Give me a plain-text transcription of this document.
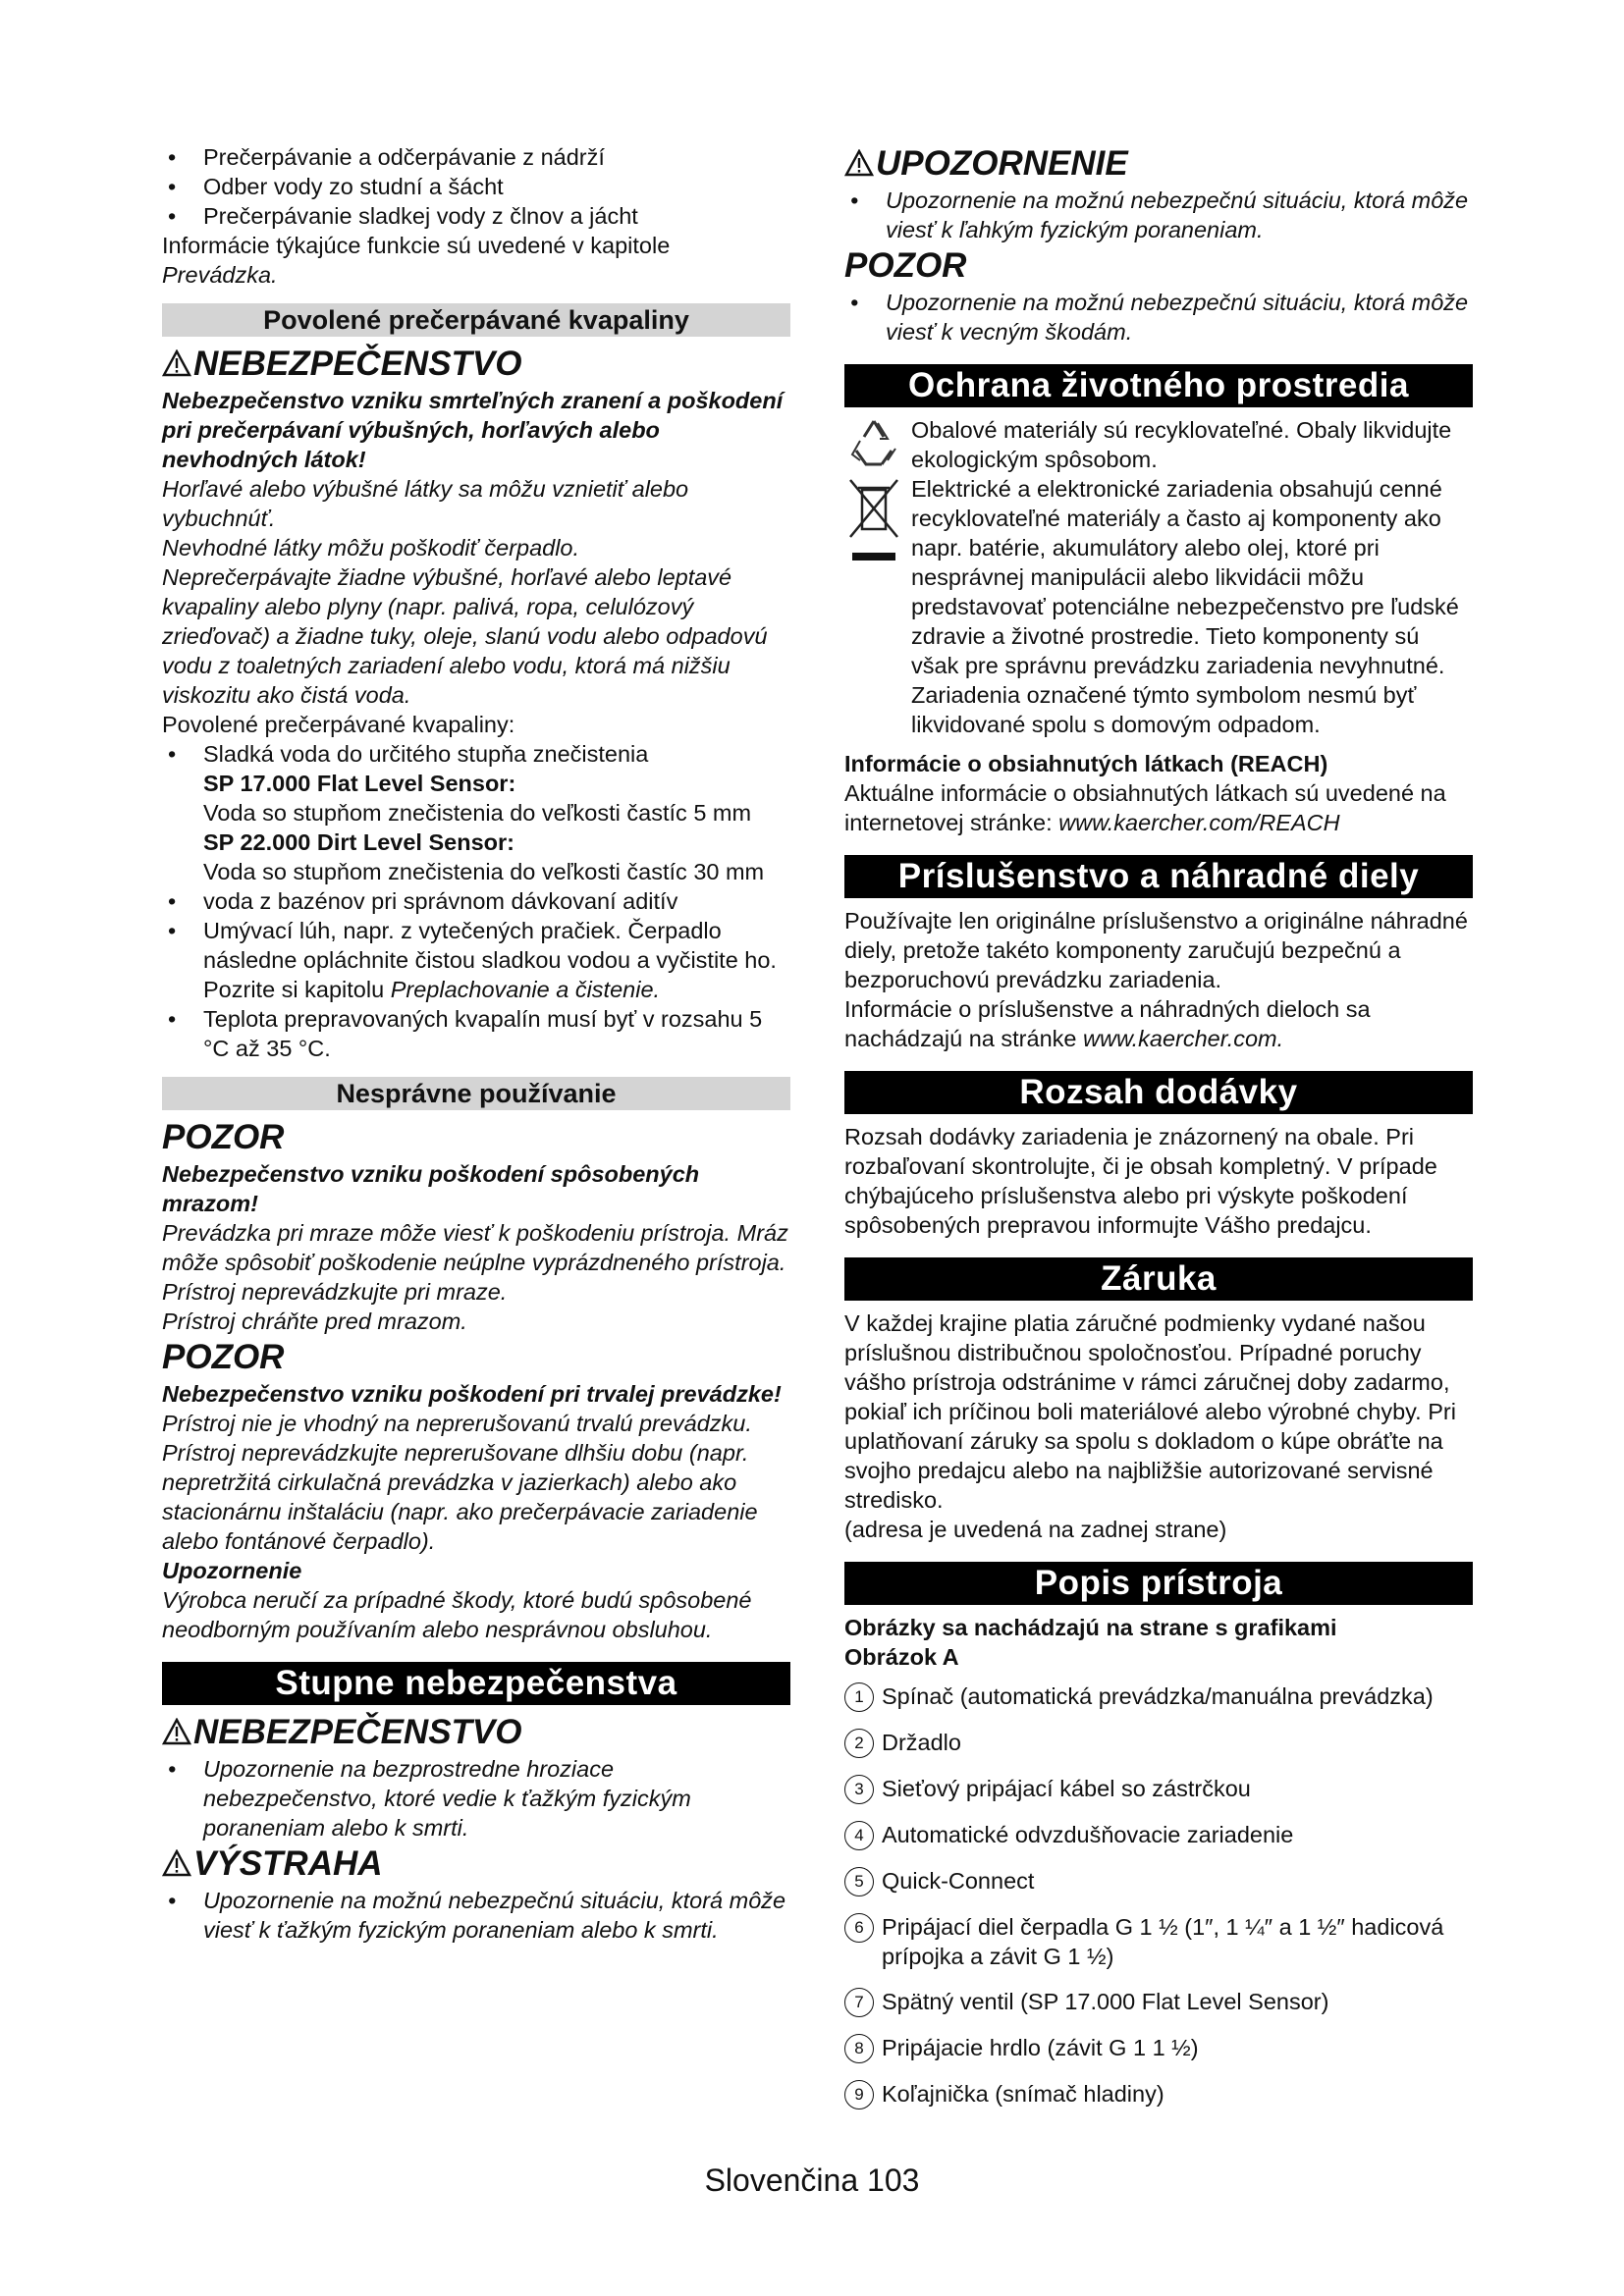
• Prečerpávanie a odčerpávanie z nádrží
• Odber vody zo studní a šácht
• Prečerpávanie sladkej vody z člnov a jácht

Informácie týkajúce funkcie sú uvedené v kapitole Prevádzka.

Povolené prečerpávané kvapaliny
NEBEZPEČENSTVO

Nebezpečenstvo vzniku smrteľných zranení a poškodení pri prečerpávaní výbušných, horľavých alebo nevhodných látok!

Horľavé alebo výbušné látky sa môžu vznietiť alebo vybuchnúť.

Nevhodné látky môžu poškodiť čerpadlo.

Neprečerpávajte žiadne výbušné, horľavé alebo leptavé kvapaliny alebo plyny (napr. palivá, ropa, celulózový zrieďovač) a žiadne tuky, oleje, slanú vodu alebo odpadovú vodu z toaletných zariadení alebo vodu, ktorá má nižšiu viskozitu ako čistá voda.

Povolené prečerpávané kvapaliny:

• Sladká voda do určitého stupňa znečistenia
SP 17.000 Flat Level Sensor:
Voda so stupňom znečistenia do veľkosti častíc 5 mm
SP 22.000 Dirt Level Sensor:
Voda so stupňom znečistenia do veľkosti častíc 30 mm
• voda z bazénov pri správnom dávkovaní aditív
• Umývací lúh, napr. z vytečených pračiek. Čerpadlo následne opláchnite čistou sladkou vodou a vyčistite ho. Pozrite si kapitolu Preplachovanie a čistenie.
• Teplota prepravovaných kvapalín musí byť v rozsahu 5 °C až 35 °C.
Nesprávne používanie
POZOR

Nebezpečenstvo vzniku poškodení spôsobených mrazom!

Prevádzka pri mraze môže viesť k poškodeniu prístroja. Mráz môže spôsobiť poškodenie neúplne vyprázdneného prístroja.

Prístroj neprevádzkujte pri mraze.

Prístroj chráňte pred mrazom.

POZOR

Nebezpečenstvo vzniku poškodení pri trvalej prevádzke!

Prístroj nie je vhodný na neprerušovanú trvalú prevádzku.

Prístroj neprevádzkujte neprerušovane dlhšiu dobu (napr. nepretržitá cirkulačná prevádzka v jazierkach) alebo ako stacionárnu inštaláciu (napr. ako prečerpávacie zariadenie alebo fontánové čerpadlo).

Upozornenie

Výrobca neručí za prípadné škody, ktoré budú spôsobené neodborným používaním alebo nesprávnou obsluhou.

Stupne nebezpečenstva
NEBEZPEČENSTVO
• Upozornenie na bezprostredne hroziace nebezpečenstvo, ktoré vedie k ťažkým fyzickým poraneniam alebo k smrti.
VÝSTRAHA
• Upozornenie na možnú nebezpečnú situáciu, ktorá môže viesť k ťažkým fyzickým poraneniam alebo k smrti.
UPOZORNENIE
• Upozornenie na možnú nebezpečnú situáciu, ktorá môže viesť k ľahkým fyzickým poraneniam.
POZOR
• Upozornenie na možnú nebezpečnú situáciu, ktorá môže viesť k vecným škodám.
Ochrana životného prostredia

Obalové materiály sú recyklovateľné. Obaly likvidujte ekologickým spôsobom.

Elektrické a elektronické zariadenia obsahujú cenné recyklovateľné materiály a často aj komponenty ako napr. batérie, akumulátory alebo olej, ktoré pri nesprávnej manipulácii alebo likvidácii môžu predstavovať potenciálne nebezpečenstvo pre ľudské zdravie a životné prostredie. Tieto komponenty sú však pre správnu prevádzku zariadenia nevyhnutné. Zariadenia označené týmto symbolom nesmú byť likvidované spolu s domovým odpadom.

Informácie o obsiahnutých látkach (REACH)

Aktuálne informácie o obsiahnutých látkach sú uvedené na internetovej stránke: www.kaercher.com/REACH

Príslušenstvo a náhradné diely

Používajte len originálne príslušenstvo a originálne náhradné diely, pretože takéto komponenty zaručujú bezpečnú a bezporuchovú prevádzku zariadenia.

Informácie o príslušenstve a náhradných dieloch sa nachádzajú na stránke www.kaercher.com.

Rozsah dodávky

Rozsah dodávky zariadenia je znázornený na obale. Pri rozbaľovaní skontrolujte, či je obsah kompletný. V prípade chýbajúceho príslušenstva alebo pri výskyte poškodení spôsobených prepravou informujte Vášho predajcu.

Záruka

V každej krajine platia záručné podmienky vydané našou príslušnou distribučnou spoločnosťou. Prípadné poruchy vášho prístroja odstránime v rámci záručnej doby zadarmo, pokiaľ ich príčinou boli materiálové alebo výrobné chyby. Pri uplatňovaní záruky sa spolu s dokladom o kúpe obráťte na svojho predajcu alebo na najbližšie autorizované servisné stredisko.

(adresa je uvedená na zadnej strane)

Popis prístroja

Obrázky sa nachádzajú na strane s grafikami

Obrázok A

1 Spínač (automatická prevádzka/manuálna prevádzka)
2 Držadlo
3 Sieťový pripájací kábel so zástrčkou
4 Automatické odvzdušňovacie zariadenie
5 Quick-Connect
6 Pripájací diel čerpadla G 1 ½ (1″, 1 ¼″ a 1 ½″ hadicová prípojka a závit G 1 ½)
7 Spätný ventil (SP 17.000 Flat Level Sensor)
8 Pripájacie hrdlo (závit G 1 1 ½)
9 Koľajnička (snímač hladiny)
Slovenčina 103
